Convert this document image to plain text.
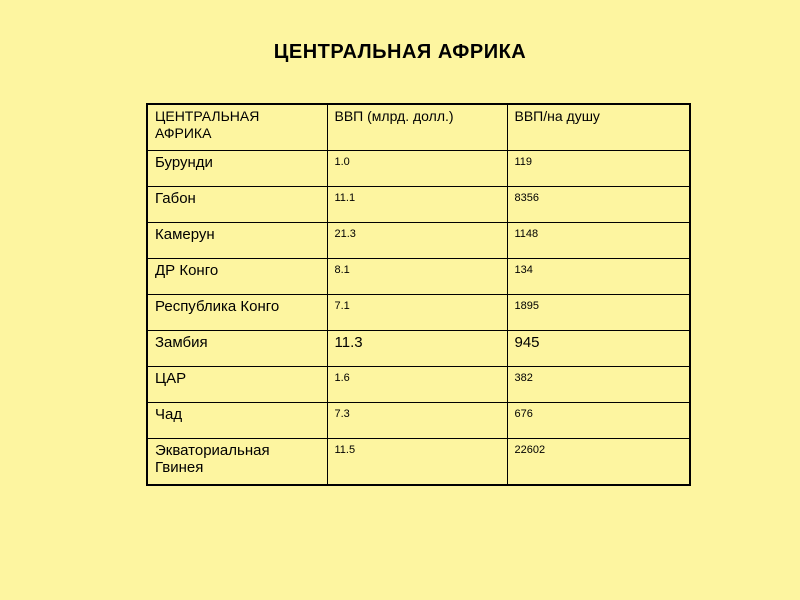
ЦЕНТРАЛЬНАЯ АФРИКА
ЦЕНТРАЛЬНАЯ АФРИКА	ВВП (млрд. долл.)	ВВП/на душу
Бурунди	1.0	119
Габон	11.1	8356
Камерун	21.3	1148
ДР Конго	8.1	134
Республика Конго	7.1	1895
Замбия	11.3	945
ЦАР	1.6	382
Чад	7.3	676
Экваториальная Гвинея	11.5	22602
